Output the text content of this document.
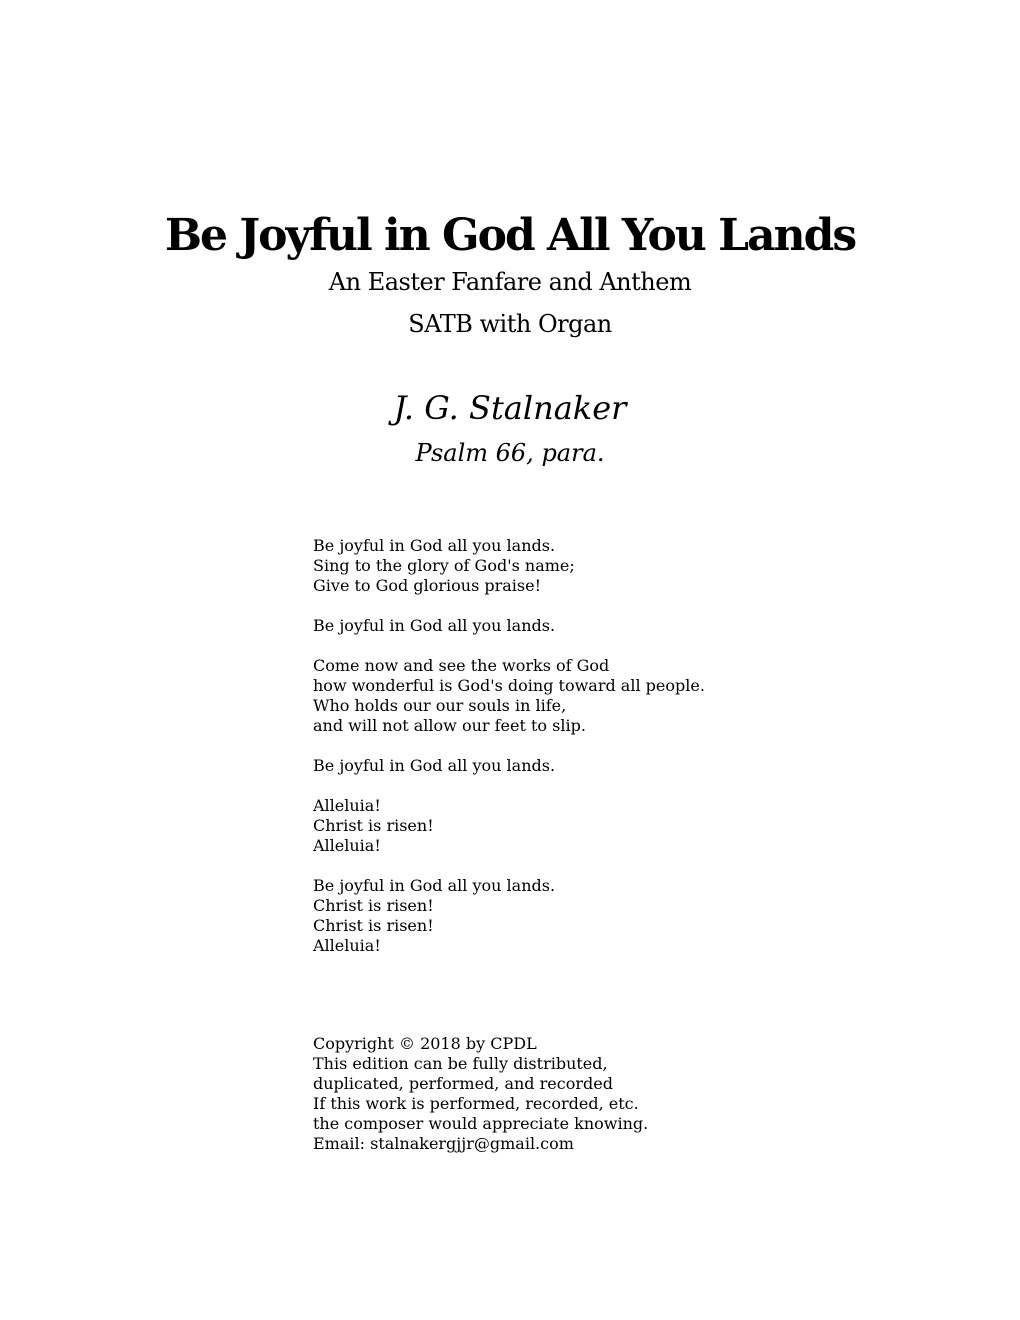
Be Joyful in God All You Lands

An Easter Fanfare and Anthem

SATB with Organ

J. G. Stalnaker

Psalm 66, para.

Be joyful in God all you lands.
Sing to the glory of God's name;
Give to God glorious praise!
Be joyful in God all you lands.
Come now and see the works of God
how wonderful is God's doing toward all people.
Who holds our our souls in life,
and will not allow our feet to slip.
Be joyful in God all you lands.
Alleluia!
Christ is risen!
Alleluia!
Be joyful in God all you lands.
Christ is risen!
Christ is risen!
Alleluia!
Copyright © 2018 by CPDL
This edition can be fully distributed,
duplicated, performed, and recorded
If this work is performed, recorded, etc.
the composer would appreciate knowing.
Email: stalnakergjjr@gmail.com
